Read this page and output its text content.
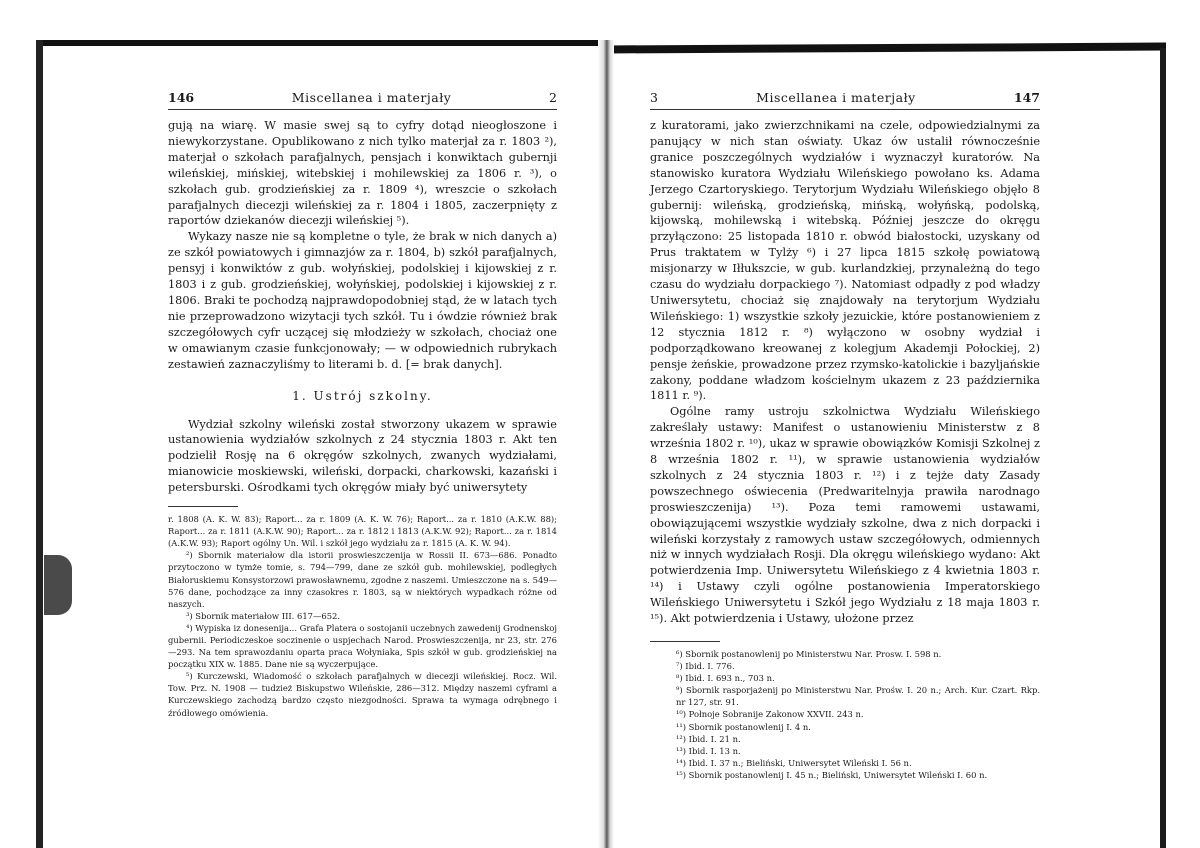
146	Miscellanea i materjały	2

gują na wiarę. W masie swej są to cyfry dotąd nieogłoszone i niewykorzystane. Opublikowano z nich tylko materjał za r. 1803 ²), materjał o szkołach parafjalnych, pensjach i konwiktach gubernji wileńskiej, mińskiej, witebskiej i mohilewskiej za 1806 r. ³), o szkołach gub. grodzieńskiej za r. 1809 ⁴), wreszcie o szkołach parafjalnych diecezji wileńskiej za r. 1804 i 1805, zaczerpnięty z raportów dziekanów diecezji wileńskiej ⁵).

Wykazy nasze nie są kompletne o tyle, że brak w nich danych a) ze szkół powiatowych i gimnazjów za r. 1804, b) szkół parafjalnych, pensyj i konwiktów z gub. wołyńskiej, podolskiej i kijowskiej z r. 1803 i z gub. grodzieńskiej, wołyńskiej, podolskiej i kijowskiej z r. 1806. Braki te pochodzą najprawdopodobniej stąd, że w latach tych nie przeprowadzono wizytacji tych szkół. Tu i ówdzie również brak szczegółowych cyfr uczącej się młodzieży w szkołach, chociaż one w omawianym czasie funkcjonowały; — w odpowiednich rubrykach zestawień zaznaczyliśmy to literami b. d. [= brak danych].

1. Ustrój szkolny.

Wydział szkolny wileński został stworzony ukazem w sprawie ustanowienia wydziałów szkolnych z 24 stycznia 1803 r. Akt ten podzielił Rosję na 6 okręgów szkolnych, zwanych wydziałami, mianowicie moskiewski, wileński, dorpacki, charkowski, kazański i petersburski. Ośrodkami tych okręgów miały być uniwersytety

r. 1808 (A. K. W. 83); Raport... za r. 1809 (A. K. W. 76); Raport... za r. 1810 (A.K.W. 88); Raport... za r. 1811 (A.K.W. 90); Raport... za r. 1812 i 1813 (A.K.W. 92); Raport... za r. 1814 (A.K.W. 93); Raport ogólny Un. Wil. i szkół jego wydziału za r. 1815 (A. K. W. 94).

²) Sbornik materiałow dla istorii proswieszczenija w Rossii II. 673—686. Ponadto przytoczono w tymże tomie, s. 794—799, dane ze szkół gub. mohilewskiej, podległych Białoruskiemu Konsystorzowi prawosławnemu, zgodne z naszemi. Umieszczone na s. 549—576 dane, pochodzące za inny czasokres r. 1803, są w niektórych wypadkach różne od naszych.

³) Sbornik materiałow III. 617—652.

⁴) Wypiska iz donesenija... Grafa Platera o sostojanii uczebnych zawedenij Grodnenskoj gubernii. Periodiczeskoe soczinenie o uspjechach Narod. Proswieszczenija, nr 23, str. 276—293. Na tem sprawozdaniu oparta praca Wołyniaka, Spis szkół w gub. grodzieńskiej na początku XIX w. 1885. Dane nie są wyczerpujące.

⁵) Kurczewski, Wiadomość o szkołach parafjalnych w diecezji wileńskiej. Rocz. Wil. Tow. Prz. N. 1908 — tudzież Biskupstwo Wileńskie, 286—312. Między naszemi cyframi a Kurczewskiego zachodzą bardzo często niezgodności. Sprawa ta wymaga odrębnego i źródłowego omówienia.

3	Miscellanea i materjały	147

z kuratorami, jako zwierzchnikami na czele, odpowiedzialnymi za panujący w nich stan oświaty. Ukaz ów ustalił równocześnie granice poszczególnych wydziałów i wyznaczył kuratorów. Na stanowisko kuratora Wydziału Wileńskiego powołano ks. Adama Jerzego Czartoryskiego. Terytorjum Wydziału Wileńskiego objęło 8 gubernij: wileńską, grodzieńską, mińską, wołyńską, podolską, kijowską, mohilewską i witebską. Później jeszcze do okręgu przyłączono: 25 listopada 1810 r. obwód białostocki, uzyskany od Prus traktatem w Tylży ⁶) i 27 lipca 1815 szkołę powiatową misjonarzy w Iłłukszcie, w gub. kurlandzkiej, przynależną do tego czasu do wydziału dorpackiego ⁷). Natomiast odpadły z pod władzy Uniwersytetu, chociaż się znajdowały na terytorjum Wydziału Wileńskiego: 1) wszystkie szkoły jezuickie, które postanowieniem z 12 stycznia 1812 r. ⁸) wyłączono w osobny wydział i podporządkowano kreowanej z kolegjum Akademji Połockiej, 2) pensje żeńskie, prowadzone przez rzymsko-katolickie i bazyljańskie zakony, poddane władzom kościelnym ukazem z 23 października 1811 r. ⁹).

Ogólne ramy ustroju szkolnictwa Wydziału Wileńskiego zakreślały ustawy: Manifest o ustanowieniu Ministerstw z 8 września 1802 r. ¹⁰), ukaz w sprawie obowiązków Komisji Szkolnej z 8 września 1802 r. ¹¹), w sprawie ustanowienia wydziałów szkolnych z 24 stycznia 1803 r. ¹²) i z tejże daty Zasady powszechnego oświecenia (Predwaritelnyja prawiła narodnago proswieszczenija) ¹³). Poza temi ramowemi ustawami, obowiązującemi wszystkie wydziały szkolne, dwa z nich dorpacki i wileński korzystały z ramowych ustaw szczegółowych, odmiennych niż w innych wydziałach Rosji. Dla okręgu wileńskiego wydano: Akt potwierdzenia Imp. Uniwersytetu Wileńskiego z 4 kwietnia 1803 r. ¹⁴) i Ustawy czyli ogólne postanowienia Imperatorskiego Wileńskiego Uniwersytetu i Szkół jego Wydziału z 18 maja 1803 r. ¹⁵). Akt potwierdzenia i Ustawy, ułożone przez

⁶) Sbornik postanowlenij po Ministerstwu Nar. Prosw. I. 598 n.

⁷) Ibid. I. 776.

⁸) Ibid. I. 693 n., 703 n.

⁹) Sbornik rasporjażenij po Ministerstwu Nar. Prośw. I. 20 n.; Arch. Kur. Czart. Rkp. nr 127, str. 91.

¹⁰) Połnoje Sobranije Zakonow XXVII. 243 n.

¹¹) Sbornik postanowlenij I. 4 n.

¹²) Ibid. I. 21 n.

¹³) Ibid. I. 13 n.

¹⁴) Ibid. I. 37 n.; Bieliński, Uniwersytet Wileński I. 56 n.

¹⁵) Sbornik postanowlenij I. 45 n.; Bieliński, Uniwersytet Wileński I. 60 n.
